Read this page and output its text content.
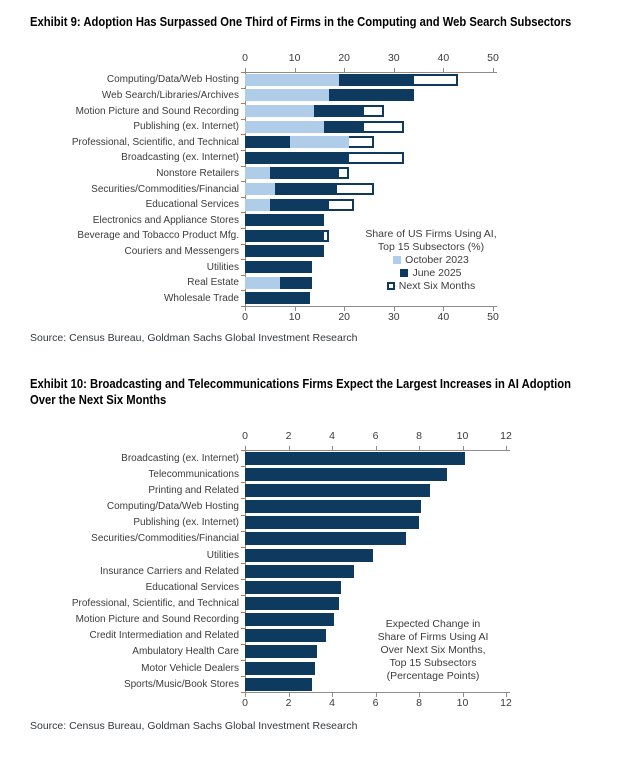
Exhibit 9: Adoption Has Surpassed One Third of Firms in the Computing and Web Search Subsectors
0	10	20	30	40	50
0	10	20	30	40	50
Computing/Data/Web Hosting
Web Search/Libraries/Archives
Motion Picture and Sound Recording
Publishing (ex. Internet)
Professional, Scientific, and Technical
Broadcasting (ex. Internet)
Nonstore Retailers
Securities/Commodities/Financial
Educational Services
Electronics and Appliance Stores
Beverage and Tobacco Product Mfg.
Couriers and Messengers
Utilities
Real Estate
Wholesale Trade
Share of US Firms Using AI,
Top 15 Subsectors (%)
October 2023
June 2025
Next Six Months
Source: Census Bureau, Goldman Sachs Global Investment Research
Exhibit 10: Broadcasting and Telecommunications Firms Expect the Largest Increases in AI Adoption
Over the Next Six Months
0	2	4	6	8	10	12
0	2	4	6	8	10	12
Broadcasting (ex. Internet)
Telecommunications
Printing and Related
Computing/Data/Web Hosting
Publishing (ex. Internet)
Securities/Commodities/Financial
Utilities
Insurance Carriers and Related
Educational Services
Professional, Scientific, and Technical
Motion Picture and Sound Recording
Credit Intermediation and Related
Ambulatory Health Care
Motor Vehicle Dealers
Sports/Music/Book Stores
Expected Change in
Share of Firms Using AI
Over Next Six Months,
Top 15 Subsectors
(Percentage Points)
Source: Census Bureau, Goldman Sachs Global Investment Research
